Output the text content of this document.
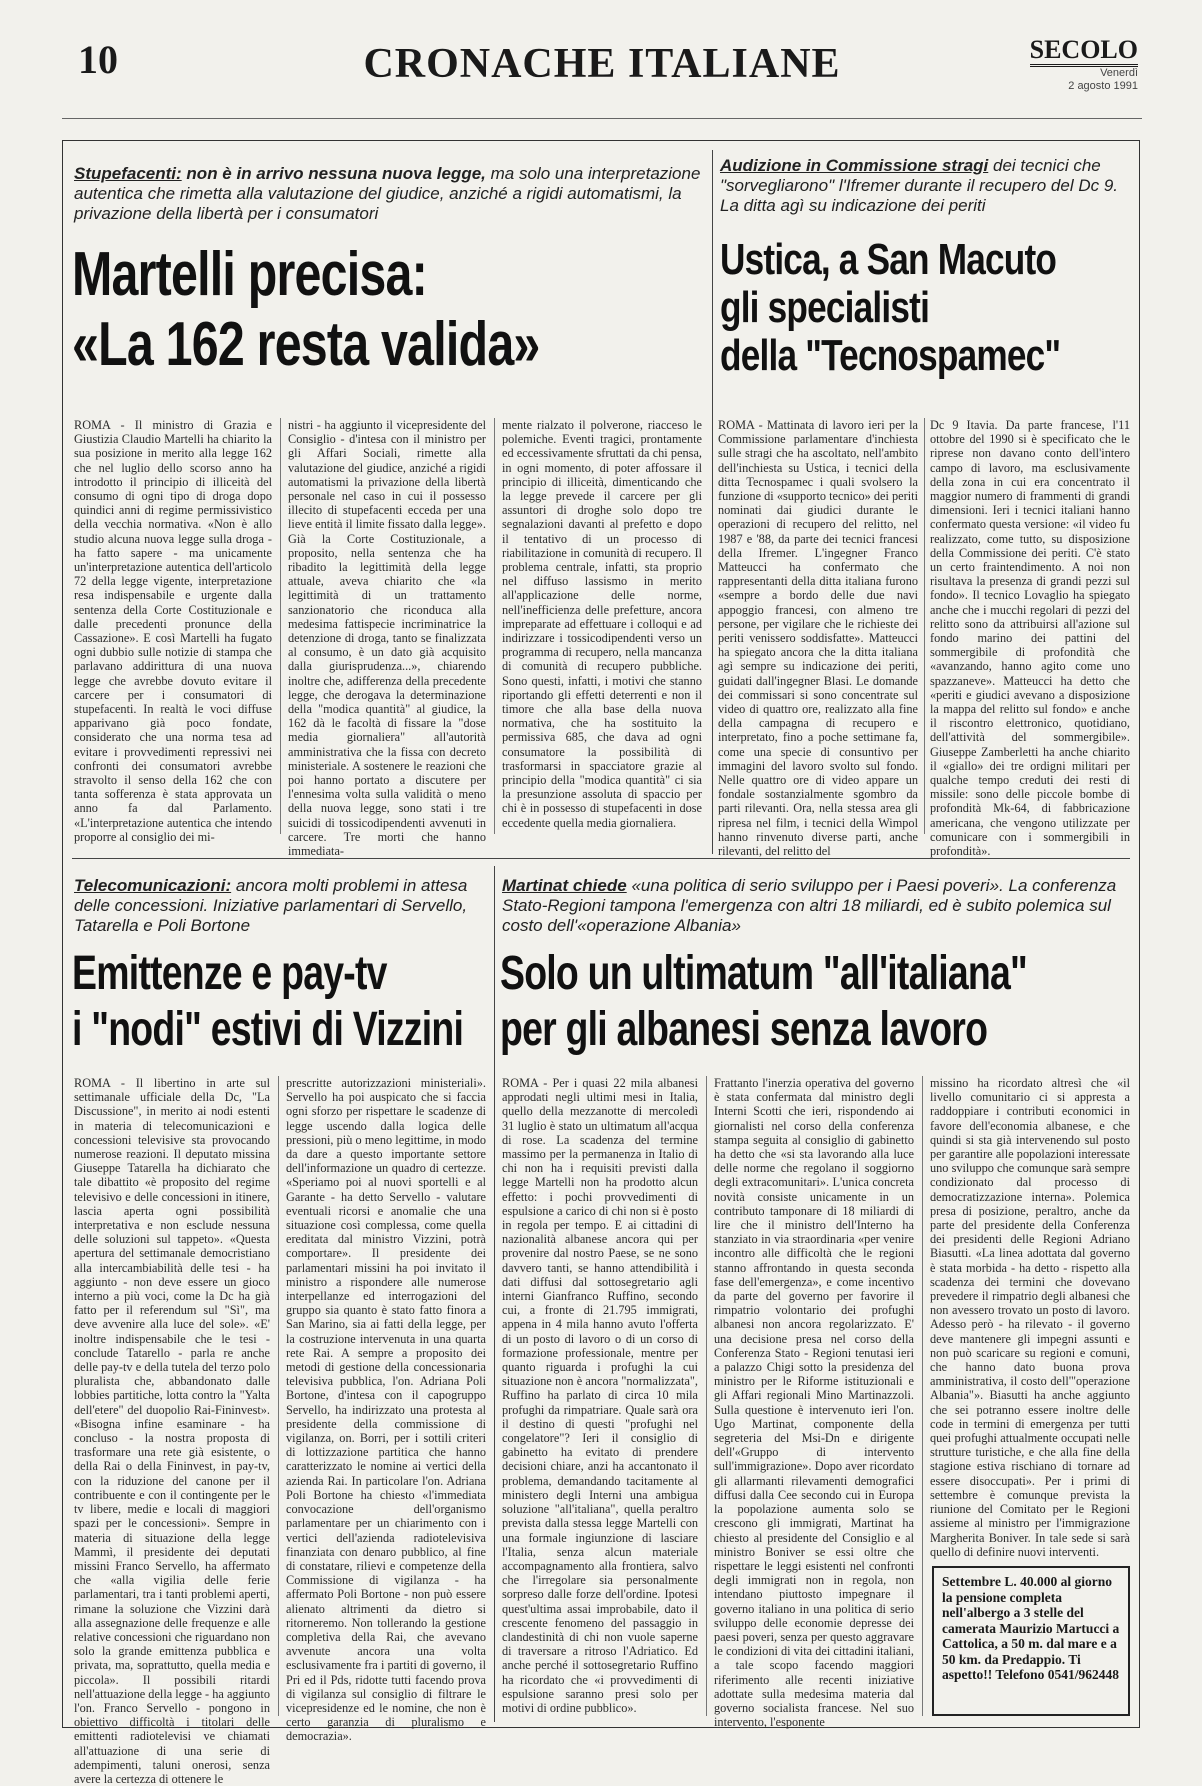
10	CRONACHE ITALIANE	SECOLO
Venerdì
2 agosto 1991
Stupefacenti: non è in arrivo nessuna nuova legge, ma solo una interpretazione autentica che rimetta alla valutazione del giudice, anziché a rigidi automatismi, la privazione della libertà per i consumatori
Martelli precisa:
«La 162 resta valida»
ROMA - Il ministro di Grazia e Giustizia Claudio Martelli ha chiarito la sua posizione in merito alla legge 162 che nel luglio dello scorso anno ha introdotto il principio di illiceità del consumo di ogni tipo di droga dopo quindici anni di regime permissivistico della vecchia normativa. «Non è allo studio alcuna nuova legge sulla droga - ha fatto sapere - ma unicamente un'interpretazione autentica dell'articolo 72 della legge vigente, interpretazione resa indispensabile e urgente dalla sentenza della Corte Costituzionale e dalle precedenti pronunce della Cassazione». E così Martelli ha fugato ogni dubbio sulle notizie di stampa che parlavano addirittura di una nuova legge che avrebbe dovuto evitare il carcere per i consumatori di stupefacenti. In realtà le voci diffuse apparivano già poco fondate, considerato che una norma tesa ad evitare i provvedimenti repressivi nei confronti dei consumatori avrebbe stravolto il senso della 162 che con tanta sofferenza è stata approvata un anno fa dal Parlamento. «L'interpretazione autentica che intendo proporre al consiglio dei mi-
nistri - ha aggiunto il vicepresidente del Consiglio - d'intesa con il ministro per gli Affari Sociali, rimette alla valutazione del giudice, anziché a rigidi automatismi la privazione della libertà personale nel caso in cui il possesso illecito di stupefacenti ecceda per una lieve entità il limite fissato dalla legge». Già la Corte Costituzionale, a proposito, nella sentenza che ha ribadito la legittimità della legge attuale, aveva chiarito che «la legittimità di un trattamento sanzionatorio che riconduca alla medesima fattispecie incriminatrice la detenzione di droga, tanto se finalizzata al consumo, è un dato già acquisito dalla giurisprudenza...», chiarendo inoltre che, adifferenza della precedente legge, che derogava la determinazione della "modica quantità" al giudice, la 162 dà le facoltà di fissare la "dose media giornaliera" all'autorità amministrativa che la fissa con decreto ministeriale. A sostenere le reazioni che poi hanno portato a discutere per l'ennesima volta sulla validità o meno della nuova legge, sono stati i tre suicidi di tossicodipendenti avvenuti in carcere. Tre morti che hanno immediata-
mente rialzato il polverone, riacceso le polemiche. Eventi tragici, prontamente ed eccessivamente sfruttati da chi pensa, in ogni momento, di poter affossare il principio di illiceità, dimenticando che la legge prevede il carcere per gli assuntori di droghe solo dopo tre segnalazioni davanti al prefetto e dopo il tentativo di un processo di riabilitazione in comunità di recupero. Il problema centrale, infatti, sta proprio nel diffuso lassismo in merito all'applicazione delle norme, nell'inefficienza delle prefetture, ancora impreparate ad effettuare i colloqui e ad indirizzare i tossicodipendenti verso un programma di recupero, nella mancanza di comunità di recupero pubbliche. Sono questi, infatti, i motivi che stanno riportando gli effetti deterrenti e non il timore che alla base della nuova normativa, che ha sostituito la permissiva 685, che dava ad ogni consumatore la possibilità di trasformarsi in spacciatore grazie al principio della "modica quantità" ci sia la presunzione assoluta di spaccio per chi è in possesso di stupefacenti in dose eccedente quella media giornaliera.
Audizione in Commissione stragi dei tecnici che "sorvegliarono" l'Ifremer durante il recupero del Dc 9. La ditta agì su indicazione dei periti
Ustica, a San Macuto
gli specialisti
della "Tecnospamec"
ROMA - Mattinata di lavoro ieri per la Commissione parlamentare d'inchiesta sulle stragi che ha ascoltato, nell'ambito dell'inchiesta su Ustica, i tecnici della ditta Tecnospamec i quali svolsero la funzione di «supporto tecnico» dei periti nominati dai giudici durante le operazioni di recupero del relitto, nel 1987 e '88, da parte dei tecnici francesi della Ifremer. L'ingegner Franco Matteucci ha confermato che rappresentanti della ditta italiana furono «sempre a bordo delle due navi appoggio francesi, con almeno tre persone, per vigilare che le richieste dei periti venissero soddisfatte». Matteucci ha spiegato ancora che la ditta italiana agì sempre su indicazione dei periti, guidati dall'ingegner Blasi. Le domande dei commissari si sono concentrate sul video di quattro ore, realizzato alla fine della campagna di recupero e interpretato, fino a poche settimane fa, come una specie di consuntivo per immagini del lavoro svolto sul fondo. Nelle quattro ore di video appare un fondale sostanzialmente sgombro da parti rilevanti. Ora, nella stessa area gli ripresa nel film, i tecnici della Wimpol hanno rinvenuto diverse parti, anche rilevanti, del relitto del
Dc 9 Itavia. Da parte francese, l'11 ottobre del 1990 si è specificato che le riprese non davano conto dell'intero campo di lavoro, ma esclusivamente della zona in cui era concentrato il maggior numero di frammenti di grandi dimensioni. Ieri i tecnici italiani hanno confermato questa versione: «il video fu realizzato, come tutto, su disposizione della Commissione dei periti. C'è stato un certo fraintendimento. A noi non risultava la presenza di grandi pezzi sul fondo». Il tecnico Lovaglio ha spiegato anche che i mucchi regolari di pezzi del relitto sono da attribuirsi all'azione sul fondo marino dei pattini del sommergibile di profondità che «avanzando, hanno agito come uno spazzaneve». Matteucci ha detto che «periti e giudici avevano a disposizione la mappa del relitto sul fondo» e anche il riscontro elettronico, quotidiano, dell'attività del sommergibile». Giuseppe Zamberletti ha anche chiarito il «giallo» dei tre ordigni militari per qualche tempo creduti dei resti di missile: sono delle piccole bombe di profondità Mk-64, di fabbricazione americana, che vengono utilizzate per comunicare con i sommergibili in profondità».
Telecomunicazioni: ancora molti problemi in attesa delle concessioni. Iniziative parlamentari di Servello, Tatarella e Poli Bortone
Emittenze e pay-tv
i "nodi" estivi di Vizzini
ROMA - Il libertino in arte sul settimanale ufficiale della Dc, "La Discussione", in merito ai nodi estenti in materia di telecomunicazioni e concessioni televisive sta provocando numerose reazioni. Il deputato missina Giuseppe Tatarella ha dichiarato che tale dibattito «è proposito del regime televisivo e delle concessioni in itinere, lascia aperta ogni possibilità interpretativa e non esclude nessuna delle soluzioni sul tappeto». «Questa apertura del settimanale democristiano alla intercambiabilità delle tesi - ha aggiunto - non deve essere un gioco interno a più voci, come la Dc ha già fatto per il referendum sul "Sì", ma deve avvenire alla luce del sole». «E' inoltre indispensabile che le tesi - conclude Tatarello - parla re anche delle pay-tv e della tutela del terzo polo pluralista che, abbandonato dalle lobbies partitiche, lotta contro la "Yalta dell'etere" del duopolio Rai-Fininvest». «Bisogna infine esaminare - ha concluso - la nostra proposta di trasformare una rete già esistente, o della Rai o della Fininvest, in pay-tv, con la riduzione del canone per il contribuente e con il contingente per le tv libere, medie e locali di maggiori spazi per le concessioni». Sempre in materia di situazione della legge Mammì, il presidente dei deputati missini Franco Servello, ha affermato che «alla vigilia delle ferie parlamentari, tra i tanti problemi aperti, rimane la soluzione che Vizzini darà alla assegnazione delle frequenze e alle relative concessioni che riguardano non solo la grande emittenza pubblica e privata, ma, soprattutto, quella media e piccola». Il possibili ritardi nell'attuazione della legge - ha aggiunto l'on. Franco Servello - pongono in obiettivo difficoltà i titolari delle emittenti radiotelevisi ve chiamati all'attuazione di una serie di adempimenti, taluni onerosi, senza avere la certezza di ottenere le
prescritte autorizzazioni ministeriali». Servello ha poi auspicato che si faccia ogni sforzo per rispettare le scadenze di legge uscendo dalla logica delle pressioni, più o meno legittime, in modo da dare a questo importante settore dell'informazione un quadro di certezze. «Speriamo poi al nuovi sportelli e al Garante - ha detto Servello - valutare eventuali ricorsi e anomalie che una situazione così complessa, come quella ereditata dal ministro Vizzini, potrà comportare». Il presidente dei parlamentari missini ha poi invitato il ministro a rispondere alle numerose interpellanze ed interrogazioni del gruppo sia quanto è stato fatto finora a San Marino, sia ai fatti della legge, per la costruzione intervenuta in una quarta rete Rai. A sempre a proposito dei metodi di gestione della concessionaria televisiva pubblica, l'on. Adriana Poli Bortone, d'intesa con il capogruppo Servello, ha indirizzato una protesta al presidente della commissione di vigilanza, on. Borri, per i sottili criteri di lottizzazione partitica che hanno caratterizzato le nomine ai vertici della azienda Rai. In particolare l'on. Adriana Poli Bortone ha chiesto «l'immediata convocazione dell'organismo parlamentare per un chiarimento con i vertici dell'azienda radiotelevisiva finanziata con denaro pubblico, al fine di constatare, rilievi e competenze della Commissione di vigilanza - ha affermato Poli Bortone - non può essere alienato altrimenti da dietro si ritorneremo. Non tollerando la gestione completiva della Rai, che avevano avvenute ancora una volta esclusivamente fra i partiti di governo, il Pri ed il Pds, ridotte tutti facendo prova di vigilanza sul consiglio di filtrare le vicepresidenze ed le nomine, che non è certo garanzia di pluralismo e democrazia».
Martinat chiede «una politica di serio sviluppo per i Paesi poveri». La conferenza Stato-Regioni tampona l'emergenza con altri 18 miliardi, ed è subito polemica sul costo dell'«operazione Albania»
Solo un ultimatum "all'italiana"
per gli albanesi senza lavoro
ROMA - Per i quasi 22 mila albanesi approdati negli ultimi mesi in Italia, quello della mezzanotte di mercoledì 31 luglio è stato un ultimatum all'acqua di rose. La scadenza del termine massimo per la permanenza in Italio di chi non ha i requisiti previsti dalla legge Martelli non ha prodotto alcun effetto: i pochi provvedimenti di espulsione a carico di chi non si è posto in regola per tempo. E ai cittadini di nazionalità albanese ancora qui per provenire dal nostro Paese, se ne sono davvero tanti, se hanno attendibilità i dati diffusi dal sottosegretario agli interni Gianfranco Ruffino, secondo cui, a fronte di 21.795 immigrati, appena in 4 mila hanno avuto l'offerta di un posto di lavoro o di un corso di formazione professionale, mentre per quanto riguarda i profughi la cui situazione non è ancora "normalizzata", Ruffino ha parlato di circa 10 mila profughi da rimpatriare. Quale sarà ora il destino di questi "profughi nel congelatore"? Ieri il consiglio di gabinetto ha evitato di prendere decisioni chiare, anzi ha accantonato il problema, demandando tacitamente al ministero degli Interni una ambigua soluzione "all'italiana", quella peraltro prevista dalla stessa legge Martelli con una formale ingiunzione di lasciare l'Italia, senza alcun materiale accompagnamento alla frontiera, salvo che l'irregolare sia personalmente sorpreso dalle forze dell'ordine. Ipotesi quest'ultima assai improbabile, dato il crescente fenomeno del passaggio in clandestinità di chi non vuole saperne di traversare a ritroso l'Adriatico. Ed anche perché il sottosegretario Ruffino ha ricordato che «i provvedimenti di espulsione saranno presi solo per motivi di ordine pubblico».
Frattanto l'inerzia operativa del governo è stata confermata dal ministro degli Interni Scotti che ieri, rispondendo ai giornalisti nel corso della conferenza stampa seguita al consiglio di gabinetto ha detto che «si sta lavorando alla luce delle norme che regolano il soggiorno degli extracomunitari». L'unica concreta novità consiste unicamente in un contributo tamponare di 18 miliardi di lire che il ministro dell'Interno ha stanziato in via straordinaria «per venire incontro alle difficoltà che le regioni stanno affrontando in questa seconda fase dell'emergenza», e come incentivo da parte del governo per favorire il rimpatrio volontario dei profughi albanesi non ancora regolarizzato. E' una decisione presa nel corso della Conferenza Stato - Regioni tenutasi ieri a palazzo Chigi sotto la presidenza del ministro per le Riforme istituzionali e gli Affari regionali Mino Martinazzoli. Sulla questione è intervenuto ieri l'on. Ugo Martinat, componente della segreteria del Msi-Dn e dirigente dell'«Gruppo di intervento sull'immigrazione». Dopo aver ricordato gli allarmanti rilevamenti demografici diffusi dalla Cee secondo cui in Europa la popolazione aumenta solo se crescono gli immigrati, Martinat ha chiesto al presidente del Consiglio e al ministro Boniver se essi oltre che rispettare le leggi esistenti nel confronti degli immigrati non in regola, non intendano piuttosto impegnare il governo italiano in una politica di serio sviluppo delle economie depresse dei paesi poveri, senza per questo aggravare le condizioni di vita dei cittadini italiani, a tale scopo facendo maggiori riferimento alle recenti iniziative adottate sulla medesima materia dal governo socialista francese. Nel suo intervento, l'esponente
missino ha ricordato altresì che «il livello comunitario ci si appresta a raddoppiare i contributi economici in favore dell'economia albanese, e che quindi si sta già intervenendo sul posto per garantire alle popolazioni interessate uno sviluppo che comunque sarà sempre condizionato dal processo di democratizzazione interna». Polemica presa di posizione, peraltro, anche da parte del presidente della Conferenza dei presidenti delle Regioni Adriano Biasutti. «La linea adottata dal governo è stata morbida - ha detto - rispetto alla scadenza dei termini che dovevano prevedere il rimpatrio degli albanesi che non avessero trovato un posto di lavoro. Adesso però - ha rilevato - il governo deve mantenere gli impegni assunti e non può scaricare su regioni e comuni, che hanno dato buona prova amministrativa, il costo dell'"operazione Albania"». Biasutti ha anche aggiunto che sei potranno essere inoltre delle code in termini di emergenza per tutti quei profughi attualmente occupati nelle strutture turistiche, e che alla fine della stagione estiva rischiano di tornare ad essere disoccupati». Per i primi di settembre è comunque prevista la riunione del Comitato per le Regioni assieme al ministro per l'immigrazione Margherita Boniver. In tale sede si sarà quello di definire nuovi interventi.
Settembre L. 40.000 al giorno la pensione completa nell'albergo a 3 stelle del camerata Maurizio Martucci a Cattolica, a 50 m. dal mare e a 50 km. da Predappio. Ti aspetto!! Telefono 0541/962448
